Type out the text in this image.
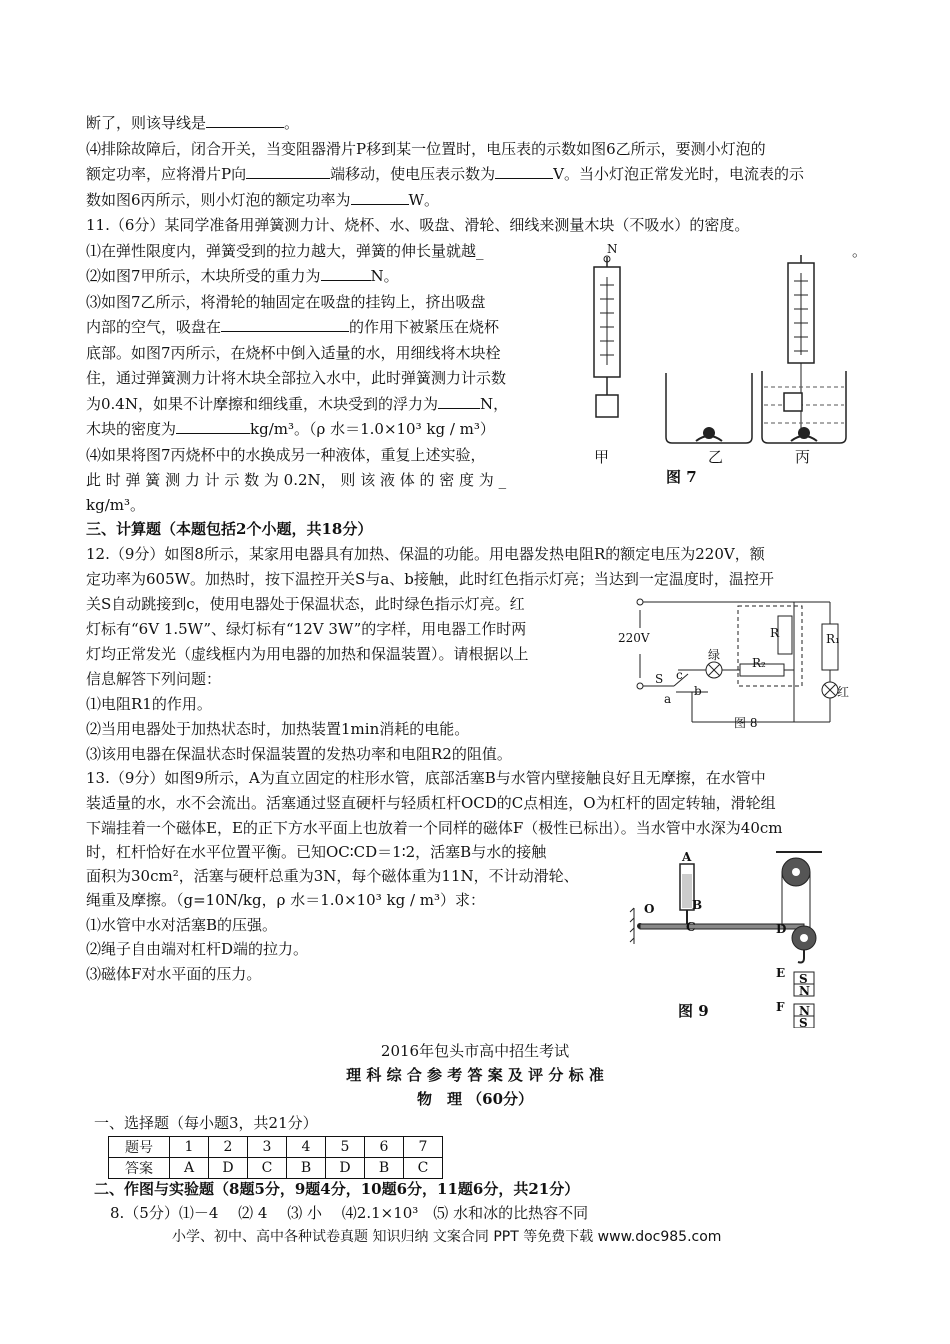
断了，则该导线是	。
⑷排除故障后，闭合开关，当变阻器滑片P移到某一位置时，电压表的示数如图6乙所示，要测小灯泡的
额定功率，应将滑片P向	端移动，使电压表示数为	V。当小灯泡正常发光时，电流表的示
数如图6丙所示，则小灯泡的额定功率为	W。
11.（6分）某同学准备用弹簧测力计、烧杯、水、吸盘、滑轮、细线来测量木块（不吸水）的密度。
⑴在弹性限度内，弹簧受到的拉力越大，弹簧的伸长量就越_	。
⑵如图7甲所示，木块所受的重力为	N。
⑶如图7乙所示，将滑轮的轴固定在吸盘的挂钩上，挤出吸盘
内部的空气，吸盘在	的作用下被紧压在烧杯
底部。如图7丙所示，在烧杯中倒入适量的水，用细线将木块栓
住，通过弹簧测力计将木块全部拉入水中，此时弹簧测力计示数
为0.4N，如果不计摩擦和细线重，木块受到的浮力为	N，
木块的密度为	kg/m³。（ρ 水＝1.0×10³ kg / m³）
⑷如果将图7丙烧杯中的水换成另一种液体，重复上述实验，
此 时 弹 簧 测 力 计 示 数 为 0.2N， 则 该 液 体 的 密 度 为 _
kg/m³。
三、计算题（本题包括2个小题，共18分）
12.（9分）如图8所示，某家用电器具有加热、保温的功能。用电器发热电阻R的额定电压为220V，额
定功率为605W。加热时，按下温控开关S与a、b接触，此时红色指示灯亮；当达到一定温度时，温控开
关S自动跳接到c，使用电器处于保温状态，此时绿色指示灯亮。红
灯标有“6V 1.5W”、绿灯标有“12V 3W”的字样，用电器工作时两
灯均正常发光（虚线框内为用电器的加热和保温装置）。请根据以上
信息解答下列问题：
⑴电阻R1的作用。
⑵当用电器处于加热状态时，加热装置1min消耗的电能。
⑶该用电器在保温状态时保温装置的发热功率和电阻R2的阻值。
13.（9分）如图9所示，A为直立固定的柱形水管，底部活塞B与水管内壁接触良好且无摩擦，在水管中
装适量的水，水不会流出。活塞通过竖直硬杆与轻质杠杆OCD的C点相连，O为杠杆的固定转轴，滑轮组
下端挂着一个磁体E，E的正下方水平面上也放着一个同样的磁体F（极性已标出）。当水管中水深为40cm
时，杠杆恰好在水平位置平衡。已知OC∶CD＝1∶2，活塞B与水的接触
面积为30cm²，活塞与硬杆总重为3N，每个磁体重为11N，不计动滑轮、
绳重及摩擦。（g=10N/kg，ρ 水＝1.0×10³ kg / m³）求：
⑴水管中水对活塞B的压强。
⑵绳子自由端对杠杆D端的拉力。
⑶磁体F对水平面的压力。
N
甲	乙	丙
图 7
220V
绿
红
R	R₁
R₂
S
a
b
c
图 8
A
B
C	D
E
F
O
S
N
N
S
图 9
2016年包头市高中招生考试
理 科 综 合 参 考 答 案 及 评 分 标 准
物　理 （60分）
一、选择题（每小题3，共21分）
题号	1	2	3	4	5	6	7
答案	A	D	C	B	D	B	C
二、作图与实验题（8题5分，9题4分，10题6分，11题6分，共21分）
8.（5分）⑴－4　 ⑵ 4　 ⑶ 小　 ⑷2.1×10³　⑸ 水和冰的比热容不同
小学、初中、高中各种试卷真题 知识归纳 文案合同 PPT 等免费下载 www.doc985.com
